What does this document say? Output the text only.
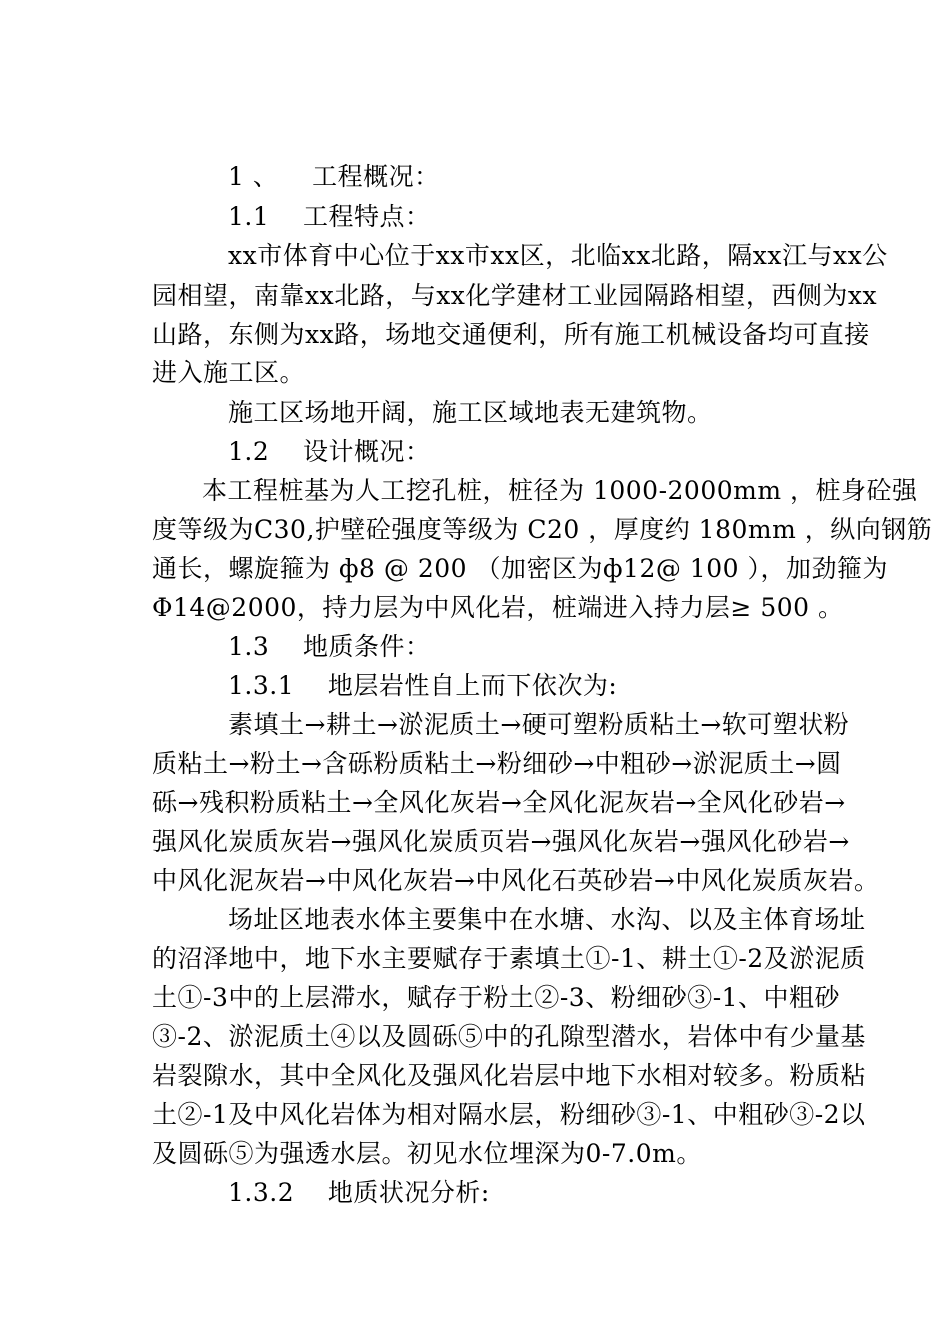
1 、    工程概况：
1.1    工程特点：
xx市体育中心位于xx市xx区，北临xx北路，隔xx江与xx公
园相望，南靠xx北路，与xx化学建材工业园隔路相望，西侧为xx
山路，东侧为xx路，场地交通便利，所有施工机械设备均可直接
进入施工区。
施工区场地开阔，施工区域地表无建筑物。
1.2    设计概况：
本工程桩基为人工挖孔桩，桩径为 1000-2000mm ，桩身砼强
度等级为C30,护壁砼强度等级为 C20 ，厚度约 180mm ，纵向钢筋
通长，螺旋箍为 ф8 @ 200 （加密区为ф12@ 100 ），加劲箍为
Φ14@2000，持力层为中风化岩，桩端进入持力层≥ 500 。
1.3    地质条件：
1.3.1    地层岩性自上而下依次为:
素填土→耕土→淤泥质土→硬可塑粉质粘土→软可塑状粉
质粘土→粉土→含砾粉质粘土→粉细砂→中粗砂→淤泥质土→圆
砾→残积粉质粘土→全风化灰岩→全风化泥灰岩→全风化砂岩→
强风化炭质灰岩→强风化炭质页岩→强风化灰岩→强风化砂岩→
中风化泥灰岩→中风化灰岩→中风化石英砂岩→中风化炭质灰岩。
场址区地表水体主要集中在水塘、水沟、以及主体育场址
的沼泽地中，地下水主要赋存于素填土①-1、耕土①-2及淤泥质
土①-3中的上层滞水，赋存于粉土②-3、粉细砂③-1、中粗砂
③-2、淤泥质土④以及圆砾⑤中的孔隙型潜水，岩体中有少量基
岩裂隙水，其中全风化及强风化岩层中地下水相对较多。粉质粘
土②-1及中风化岩体为相对隔水层，粉细砂③-1、中粗砂③-2以
及圆砾⑤为强透水层。初见水位埋深为0-7.0m。
1.3.2    地质状况分析:
